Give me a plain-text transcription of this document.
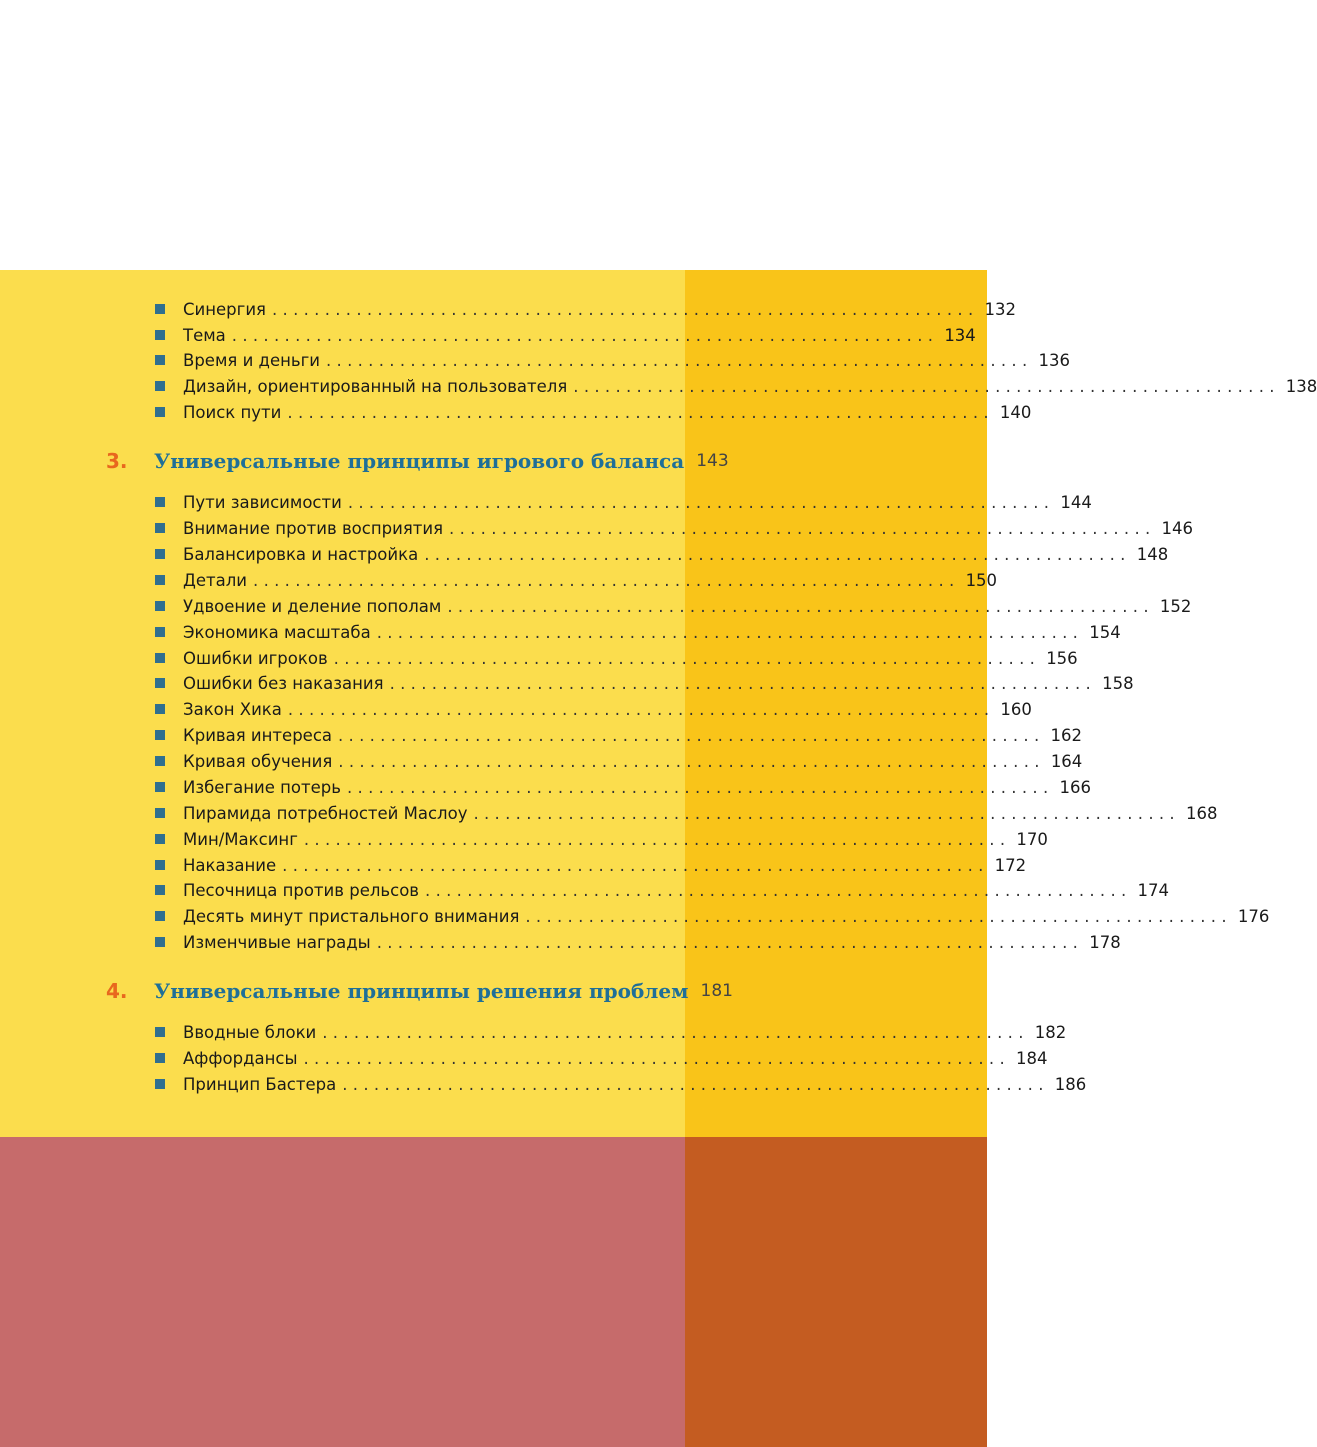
Синергия ................................................................... 132
Тема ................................................................... 134
Время и деньги ................................................................... 136
Дизайн, ориентированный на пользователя ................................................................... 138
Поиск пути ................................................................... 140
3.	Универсальные принципы игрового баланса 143
Пути зависимости ................................................................... 144
Внимание против восприятия ................................................................... 146
Балансировка и настройка ................................................................... 148
Детали ................................................................... 150
Удвоение и деление пополам ................................................................... 152
Экономика масштаба ................................................................... 154
Ошибки игроков ................................................................... 156
Ошибки без наказания ................................................................... 158
Закон Хика ................................................................... 160
Кривая интереса ................................................................... 162
Кривая обучения ................................................................... 164
Избегание потерь ................................................................... 166
Пирамида потребностей Маслоу ................................................................... 168
Мин/Максинг ................................................................... 170
Наказание ................................................................... 172
Песочница против рельсов ................................................................... 174
Десять минут пристального внимания ................................................................... 176
Изменчивые награды ................................................................... 178
4.	Универсальные принципы решения проблем 181
Вводные блоки ................................................................... 182
Аффордансы ................................................................... 184
Принцип Бастера ................................................................... 186
